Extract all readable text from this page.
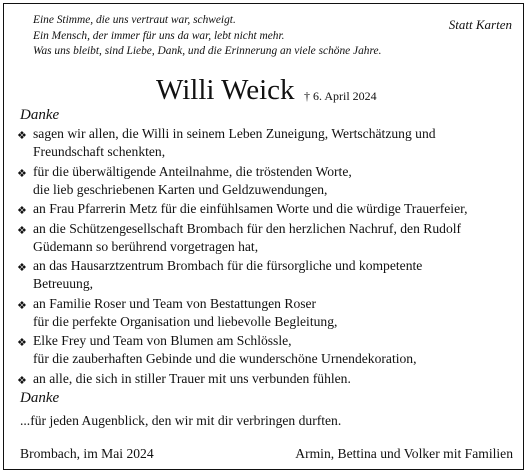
Eine Stimme, die uns vertraut war, schweigt.
Ein Mensch, der immer für uns da war, lebt nicht mehr.
Was uns bleibt, sind Liebe, Dank, und die Erinnerung an viele schöne Jahre.
Statt Karten
Willi Weick † 6. April 2024
Danke
❖ sagen wir allen, die Willi in seinem Leben Zuneigung, Wertschätzung und
Freundschaft schenkten,
❖ für die überwältigende Anteilnahme, die tröstenden Worte,
die lieb geschriebenen Karten und Geldzuwendungen,
❖ an Frau Pfarrerin Metz für die einfühlsamen Worte und die würdige Trauerfeier,
❖ an die Schützengesellschaft Brombach für den herzlichen Nachruf, den Rudolf
Güdemann so berührend vorgetragen hat,
❖ an das Hausarztzentrum Brombach für die fürsorgliche und kompetente
Betreuung,
❖ an Familie Roser und Team von Bestattungen Roser
für die perfekte Organisation und liebevolle Begleitung,
❖ Elke Frey und Team von Blumen am Schlössle,
für die zauberhaften Gebinde und die wunderschöne Urnendekoration,
❖ an alle, die sich in stiller Trauer mit uns verbunden fühlen.
Danke
...für jeden Augenblick, den wir mit dir verbringen durften.
Brombach, im Mai 2024	Armin, Bettina und Volker mit Familien
